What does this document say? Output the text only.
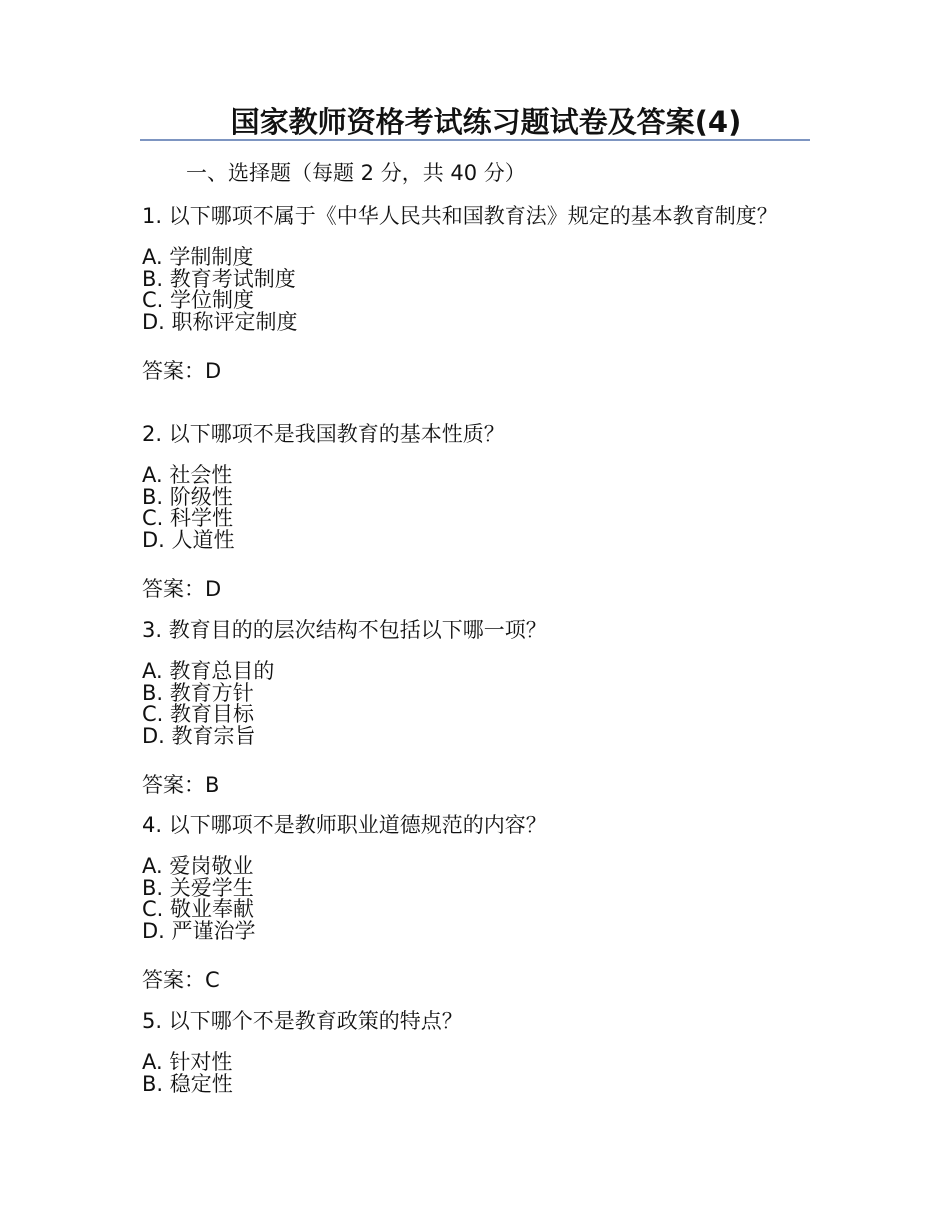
国家教师资格考试练习题试卷及答案(4)
一、选择题（每题 2 分，共 40 分）

1. 以下哪项不属于《中华人民共和国教育法》规定的基本教育制度？

A. 学制制度
B. 教育考试制度
C. 学位制度
D. 职称评定制度
答案：D

2. 以下哪项不是我国教育的基本性质？

A. 社会性
B. 阶级性
C. 科学性
D. 人道性
答案：D

3. 教育目的的层次结构不包括以下哪一项？

A. 教育总目的
B. 教育方针
C. 教育目标
D. 教育宗旨
答案：B

4. 以下哪项不是教师职业道德规范的内容？

A. 爱岗敬业
B. 关爱学生
C. 敬业奉献
D. 严谨治学
答案：C

5. 以下哪个不是教育政策的特点？

A. 针对性
B. 稳定性
